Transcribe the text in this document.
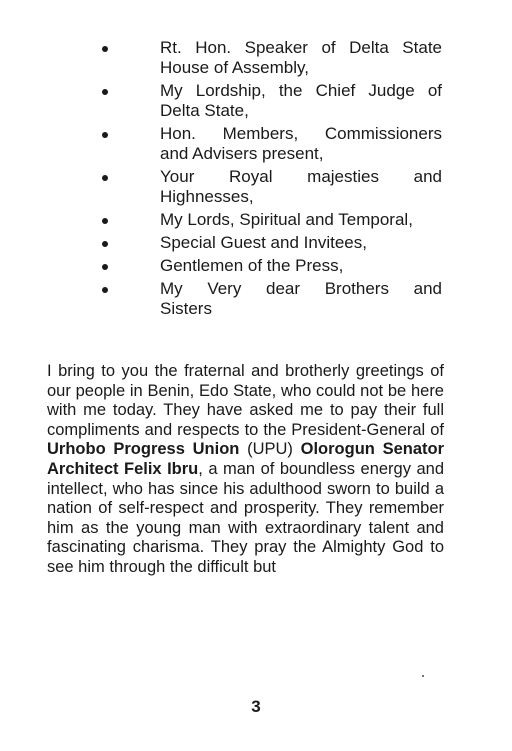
Rt. Hon. Speaker of Delta State
House of Assembly,
My Lordship, the Chief Judge of
Delta State,
Hon. Members, Commissioners
and Advisers present,
Your Royal majesties and
Highnesses,
My Lords, Spiritual and Temporal,
Special Guest and Invitees,
Gentlemen of the Press,
My Very dear Brothers and
Sisters

I bring to you the fraternal and brotherly greetings of our people in Benin, Edo State, who could not be here with me today. They have asked me to pay their full compliments and respects to the President-General of Urhobo Progress Union (UPU) Olorogun Senator Architect Felix Ibru, a man of boundless energy and intellect, who has since his adulthood sworn to build a nation of self-respect and prosperity. They remember him as the young man with extraordinary talent and fascinating charisma. They pray the Almighty God to see him through the difficult but

3
